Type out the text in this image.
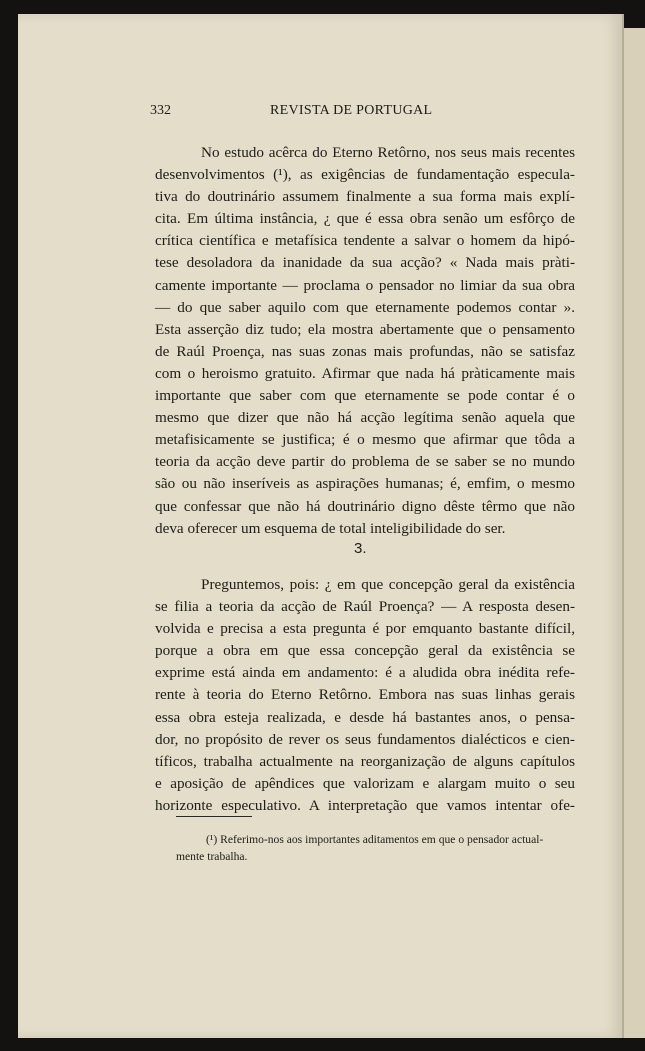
332	REVISTA DE PORTUGAL
No estudo acêrca do Eterno Retôrno, nos seus mais recentes
desenvolvimentos (¹), as exigências de fundamentação especula-
tiva do doutrinário assumem finalmente a sua forma mais explí-
cita. Em última instância, ¿ que é essa obra senão um esfôrço de
crítica científica e metafísica tendente a salvar o homem da hipó-
tese desoladora da inanidade da sua acção? « Nada mais pràti-
camente importante — proclama o pensador no limiar da sua obra
— do que saber aquilo com que eternamente podemos contar ».
Esta asserção diz tudo; ela mostra abertamente que o pensamento
de Raúl Proença, nas suas zonas mais profundas, não se satisfaz
com o heroismo gratuito. Afirmar que nada há pràticamente mais
importante que saber com que eternamente se pode contar é o
mesmo que dizer que não há acção legítima senão aquela que
metafisicamente se justifica; é o mesmo que afirmar que tôda a
teoria da acção deve partir do problema de se saber se no mundo
são ou não inseríveis as aspirações humanas; é, emfim, o mesmo
que confessar que não há doutrinário digno dêste têrmo que não
deva oferecer um esquema de total inteligibilidade do ser.
3.
Preguntemos, pois: ¿ em que concepção geral da existência
se filia a teoria da acção de Raúl Proença? — A resposta desen-
volvida e precisa a esta pregunta é por emquanto bastante difícil,
porque a obra em que essa concepção geral da existência se
exprime está ainda em andamento: é a aludida obra inédita refe-
rente à teoria do Eterno Retôrno. Embora nas suas linhas gerais
essa obra esteja realizada, e desde há bastantes anos, o pensa-
dor, no propósito de rever os seus fundamentos dialécticos e cien-
tíficos, trabalha actualmente na reorganização de alguns capítulos
e aposição de apêndices que valorizam e alargam muito o seu
horizonte especulativo. A interpretação que vamos intentar ofe-
(¹) Referimo-nos aos importantes aditamentos em que o pensador actual-
mente trabalha.
